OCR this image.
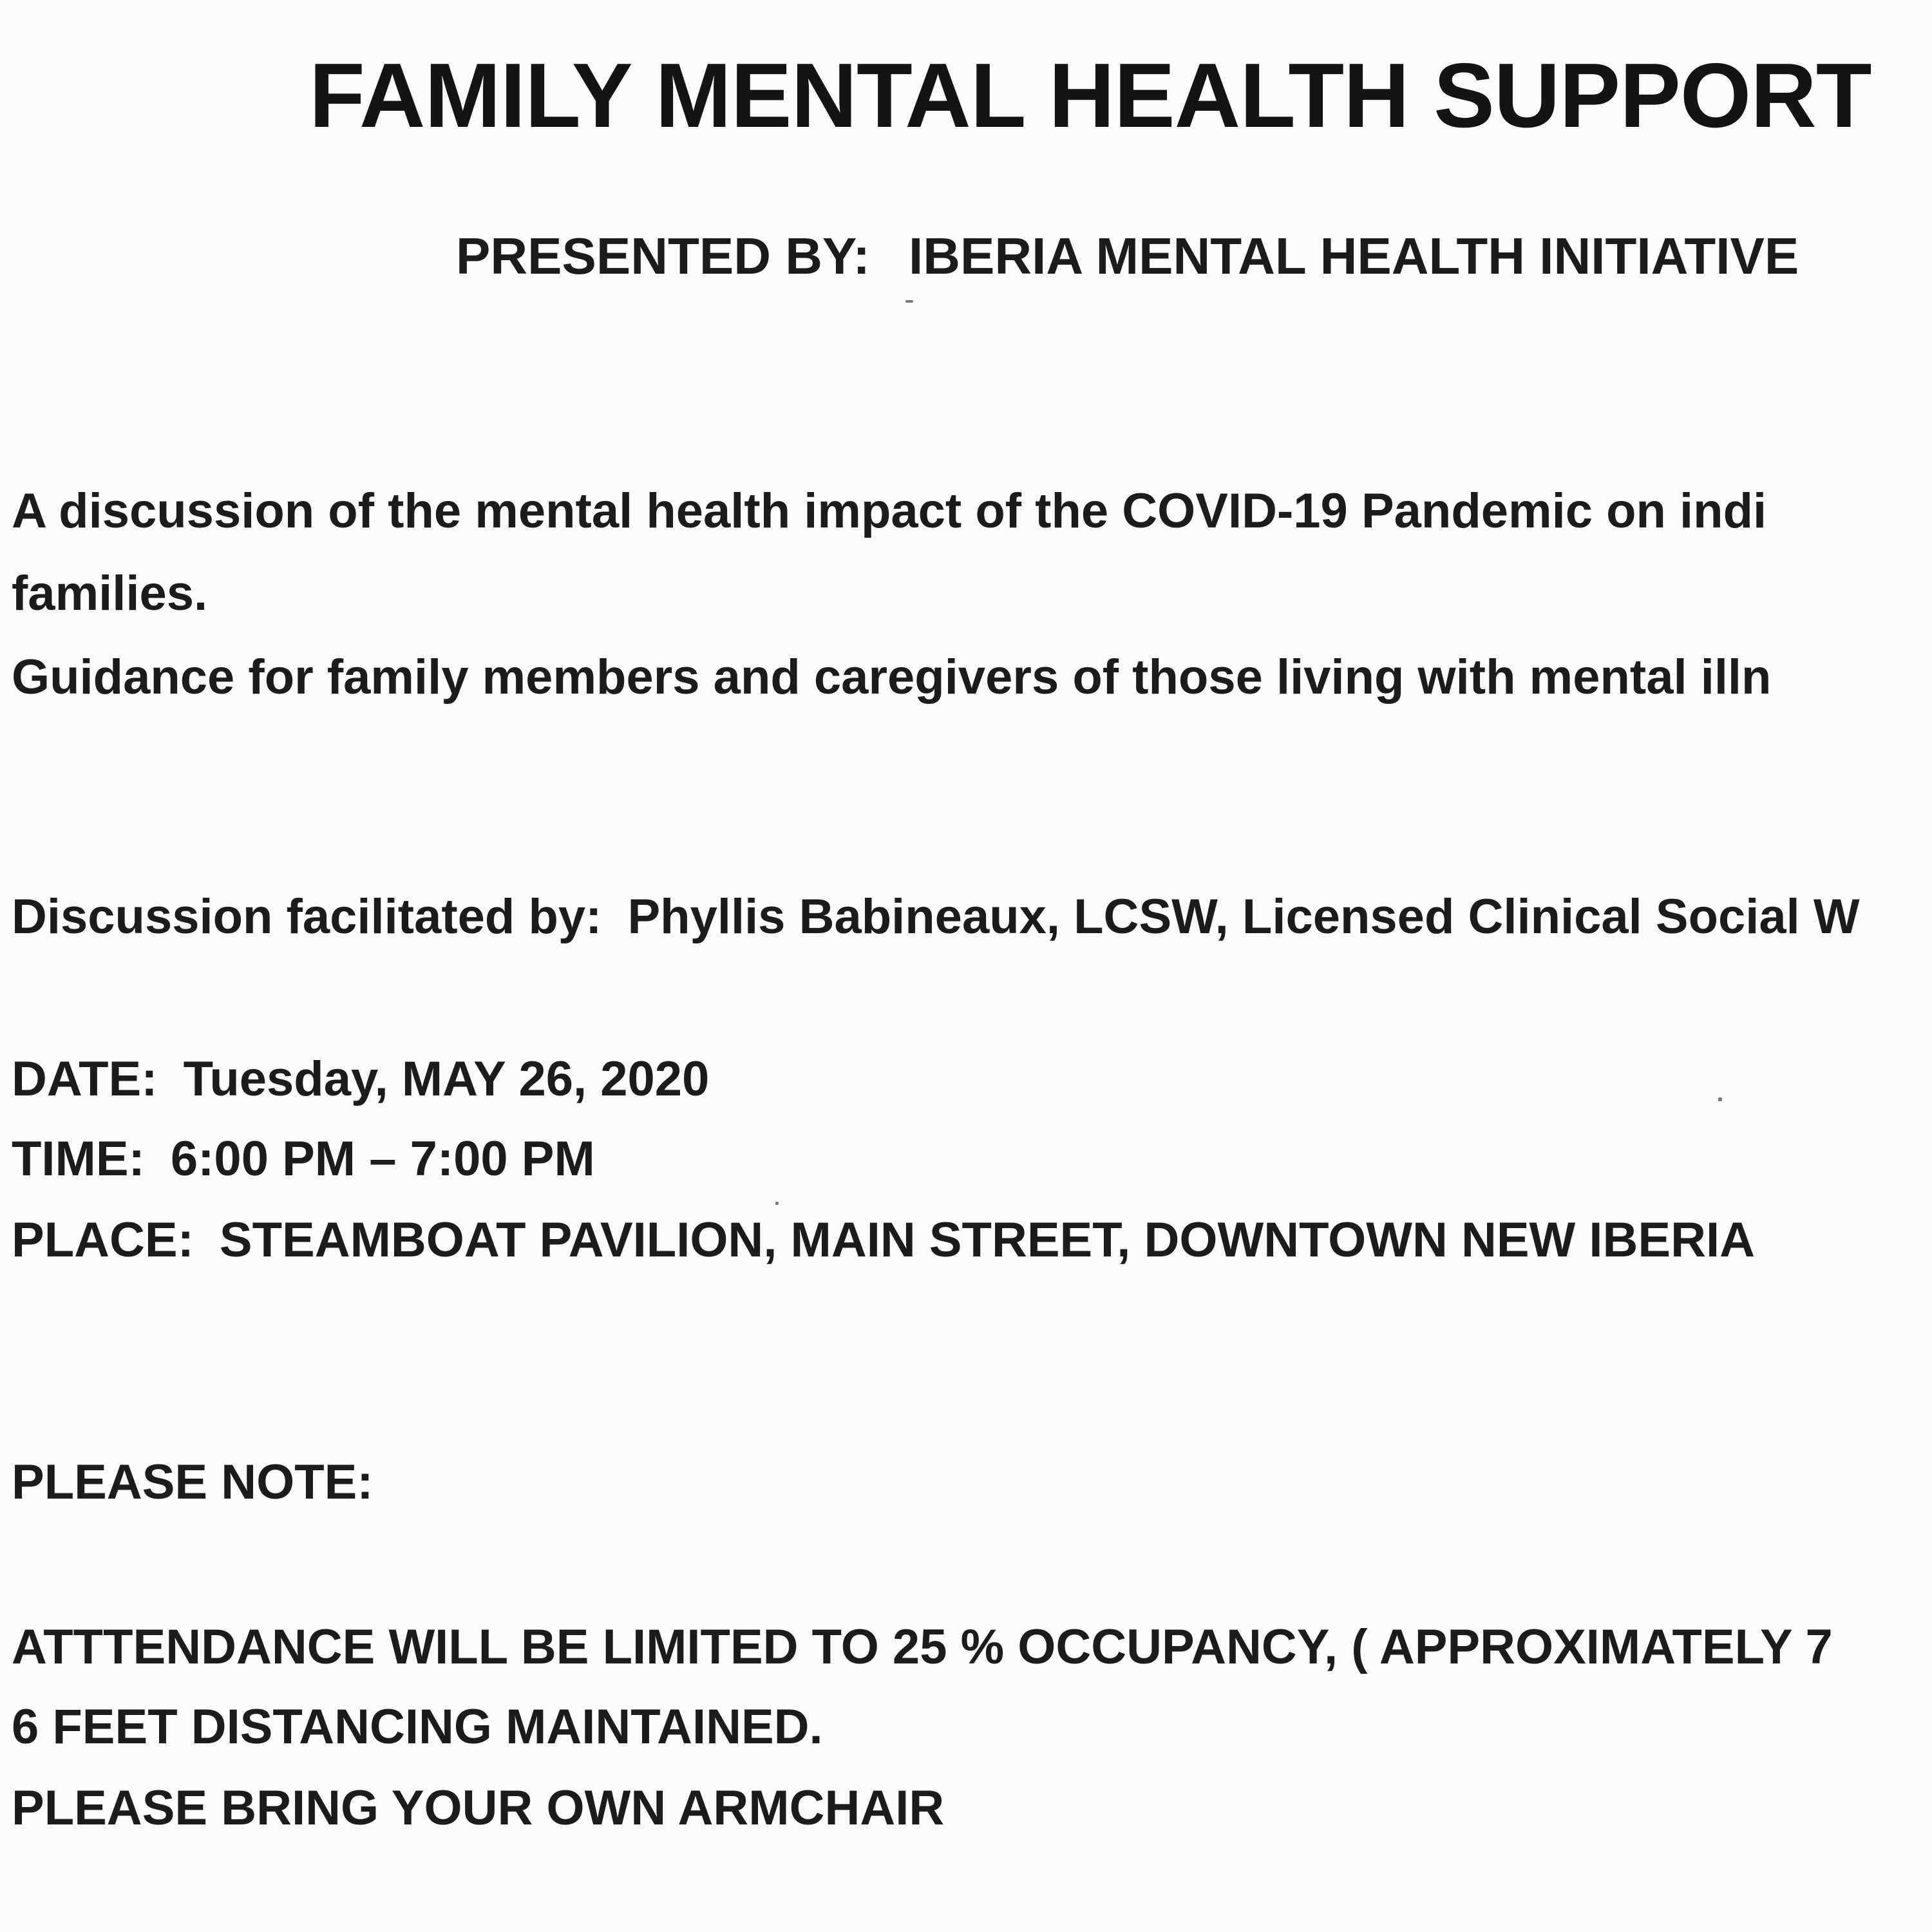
FAMILY MENTAL HEALTH SUPPORT
PRESENTED BY: IBERIA MENTAL HEALTH INITIATIVE
A discussion of the mental health impact of the COVID-19 Pandemic on indi
families.
Guidance for family members and caregivers of those living with mental illn
Discussion facilitated by: Phyllis Babineaux, LCSW, Licensed Clinical Social W
DATE: Tuesday, MAY 26, 2020
TIME: 6:00 PM – 7:00 PM
PLACE: STEAMBOAT PAVILION, MAIN STREET, DOWNTOWN NEW IBERIA
PLEASE NOTE:
ATTTENDANCE WILL BE LIMITED TO 25 % OCCUPANCY, ( APPROXIMATELY 7
6 FEET DISTANCING MAINTAINED.
PLEASE BRING YOUR OWN ARMCHAIR
